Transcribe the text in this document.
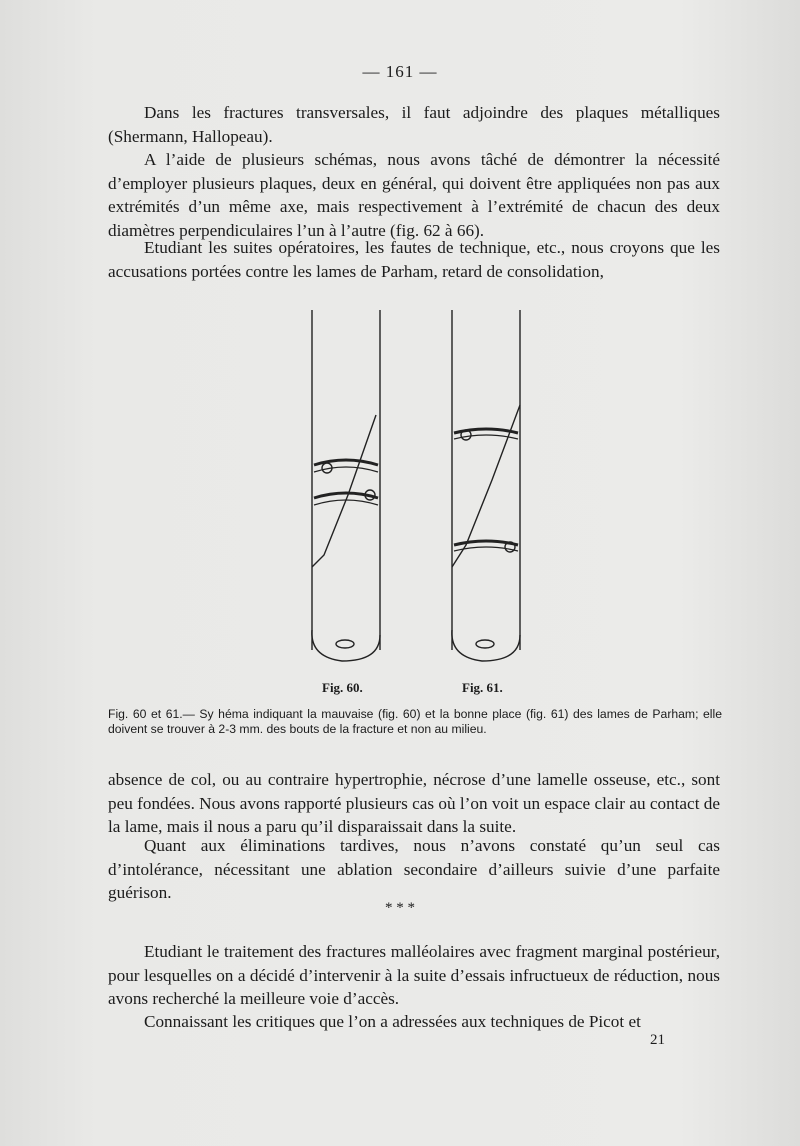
— 161 —

Dans les fractures transversales, il faut adjoindre des plaques métalliques (Shermann, Hallopeau).

A l’aide de plusieurs schémas, nous avons tâché de démontrer la nécessité d’employer plusieurs plaques, deux en général, qui doivent être appliquées non pas aux extrémités d’un même axe, mais respectivement à l’extrémité de chacun des deux diamètres perpendiculaires l’un à l’autre (fig. 62 à 66).

Etudiant les suites opératoires, les fautes de technique, etc., nous croyons que les accusations portées contre les lames de Parham, retard de consolidation,

Fig. 60.	Fig. 61.

Fig. 60 et 61.— Sy héma indiquant la mauvaise (fig. 60) et la bonne place (fig. 61) des lames de Parham; elle doivent se trouver à 2-3 mm. des bouts de la fracture et non au milieu.

absence de col, ou au contraire hypertrophie, nécrose d’une lamelle osseuse, etc., sont peu fondées. Nous avons rapporté plusieurs cas où l’on voit un espace clair au contact de la lame, mais il nous a paru qu’il disparaissait dans la suite.

Quant aux éliminations tardives, nous n’avons constaté qu’un seul cas d’intolérance, nécessitant une ablation secondaire d’ailleurs suivie d’une parfaite guérison.

* * *

Etudiant le traitement des fractures malléolaires avec fragment marginal postérieur, pour lesquelles on a décidé d’intervenir à la suite d’essais infructueux de réduction, nous avons recherché la meilleure voie d’accès.

Connaissant les critiques que l’on a adressées aux techniques de Picot et

21
